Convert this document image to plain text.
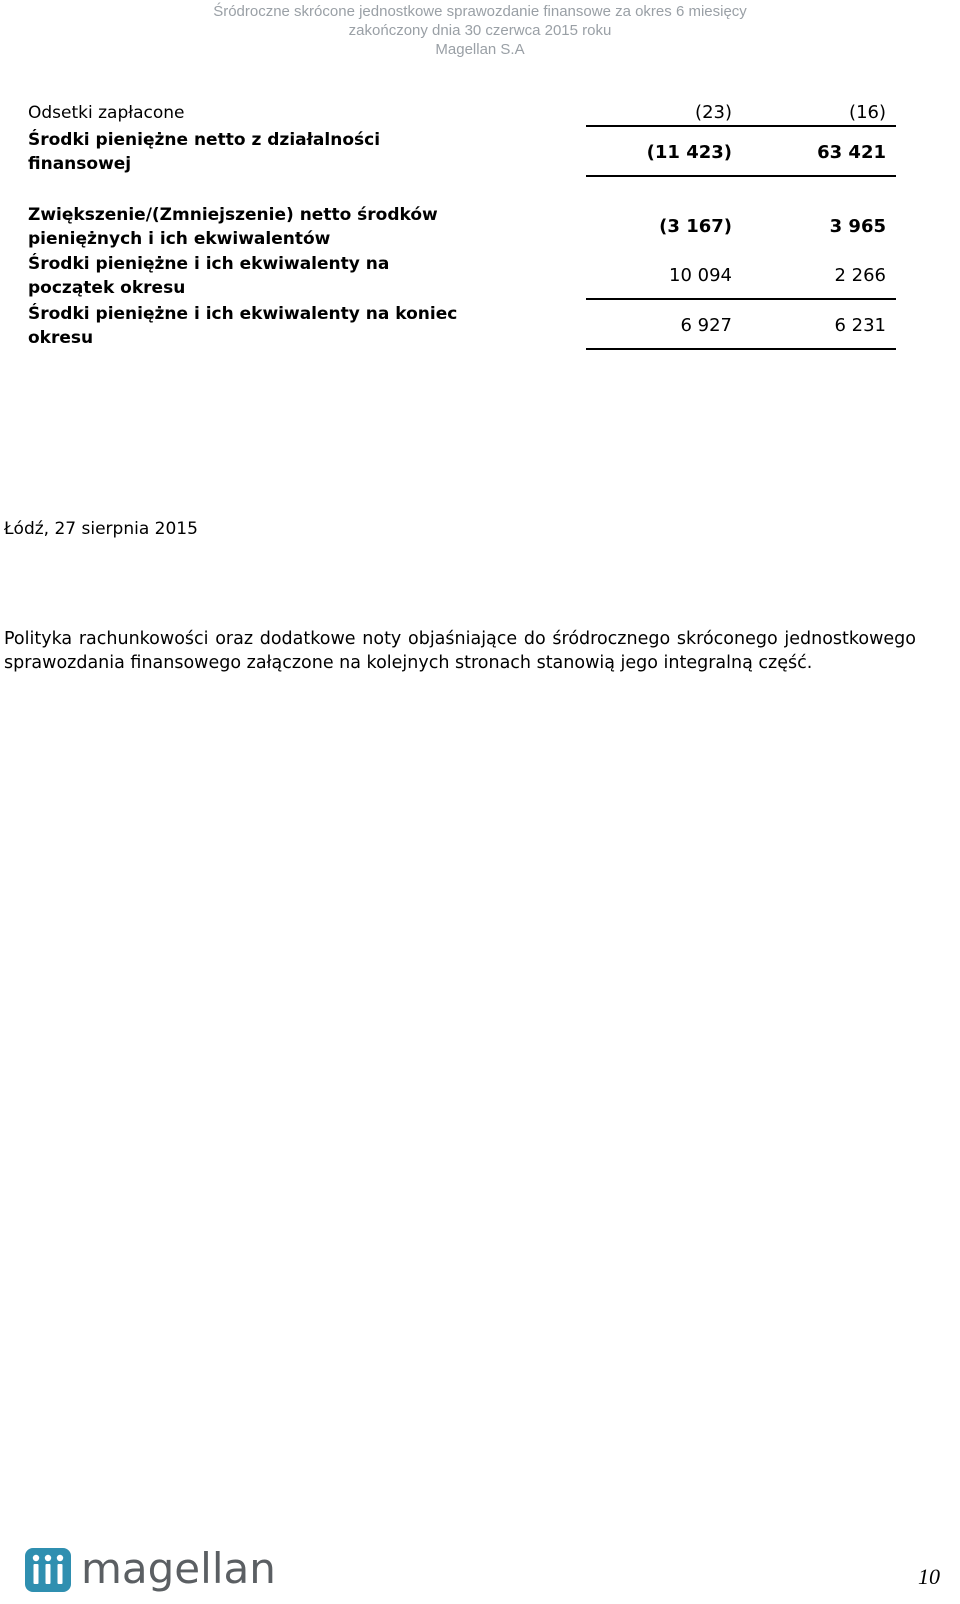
Śródroczne skrócone jednostkowe sprawozdanie finansowe za okres 6 miesięcy
zakończony dnia 30 czerwca 2015 roku
Magellan S.A
Odsetki zapłacone	(23)	(16)
Środki pieniężne netto z działalności
finansowej
(11 423)	63 421
Zwiększenie/(Zmniejszenie) netto środków
pieniężnych i ich ekwiwalentów
(3 167)	3 965
Środki pieniężne i ich ekwiwalenty na
początek okresu
10 094	2 266
Środki pieniężne i ich ekwiwalenty na koniec
okresu
6 927	6 231
Łódź, 27 sierpnia 2015
Polityka rachunkowości oraz dodatkowe noty objaśniające do śródrocznego skróconego jednostkowego sprawozdania finansowego załączone na kolejnych stronach stanowią jego integralną część.
magellan	10
